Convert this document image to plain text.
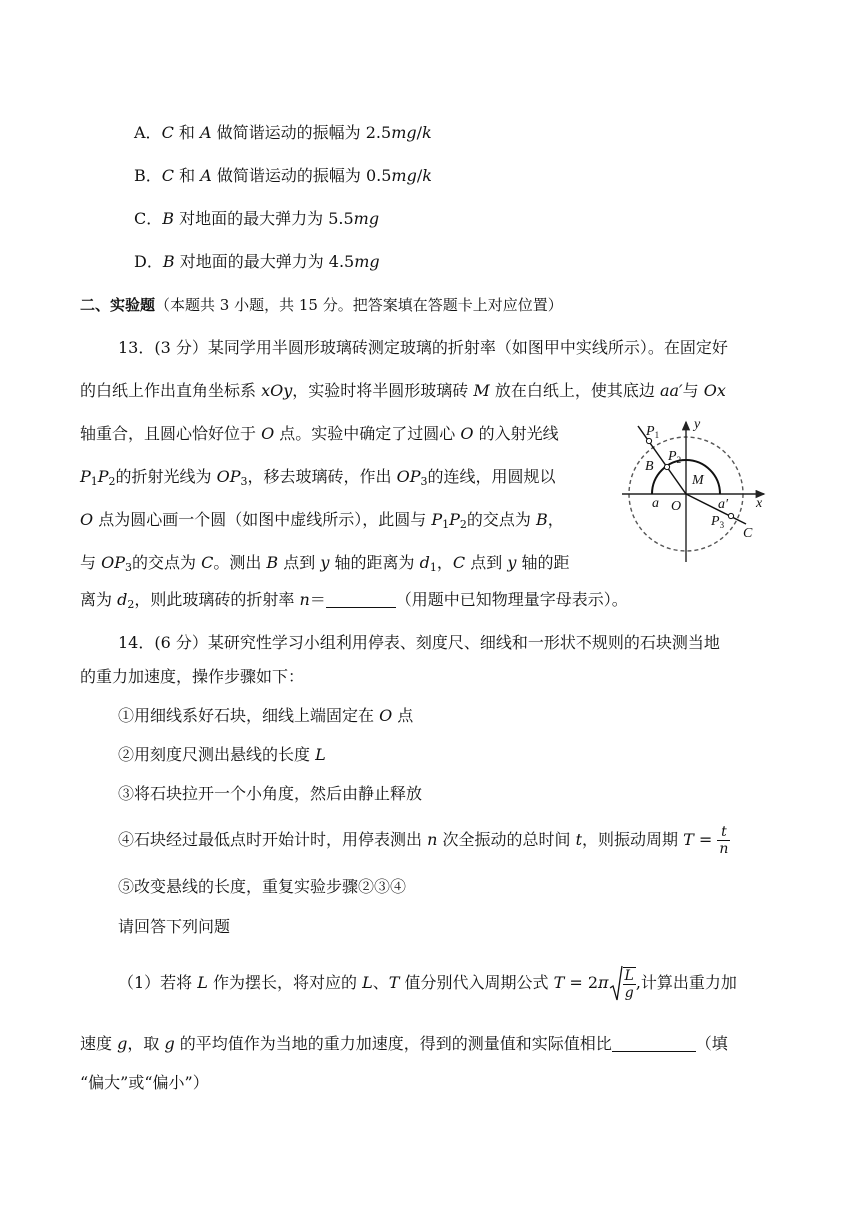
A．C 和 A 做简谐运动的振幅为 2.5mg/k
B．C 和 A 做简谐运动的振幅为 0.5mg/k
C．B 对地面的最大弹力为 5.5mg
D．B 对地面的最大弹力为 4.5mg
二、实验题（本题共 3 小题，共 15 分。把答案填在答题卡上对应位置）
13．(3 分）某同学用半圆形玻璃砖测定玻璃的折射率（如图甲中实线所示）。在固定好
的白纸上作出直角坐标系 xOy，实验时将半圆形玻璃砖 M 放在白纸上，使其底边 aa′与 Ox
轴重合，且圆心恰好位于 O 点。实验中确定了过圆心 O 的入射光线
$P_1P_2$的折射光线为 $OP_3$，移去玻璃砖，作出 $OP_3$的连线，用圆规以
O 点为圆心画一个圆（如图中虚线所示），此圆与 $P_1P_2$的交点为 B，
与 $OP_3$的交点为 C。测出 B 点到 y 轴的距离为 $d_1$，C 点到 y 轴的距
离为 $d_2$，则此玻璃砖的折射率 n＝	（用题中已知物理量字母表示）。
$P_1$
$P_2$
B
M
a O	a′
$P_3$
C
x
y
14．(6 分）某研究性学习小组利用停表、刻度尺、细线和一形状不规则的石块测当地
的重力加速度，操作步骤如下：
①用细线系好石块，细线上端固定在 O 点
②用刻度尺测出悬线的长度 L
③将石块拉开一个小角度，然后由静止释放
④石块经过最低点时开始计时，用停表测出 n 次全振动的总时间 t，则振动周期 $T = \frac{t}{n}$
⑤改变悬线的长度，重复实验步骤②③④
请回答下列问题
（1）若将 L 作为摆长，将对应的 L、T 值分别代入周期公式 $T = 2\pi \frac{L}{g}$ ,计算出重力加
速度 g，取 g 的平均值作为当地的重力加速度，得到的测量值和实际值相比	（填
“偏大”或“偏小”）
